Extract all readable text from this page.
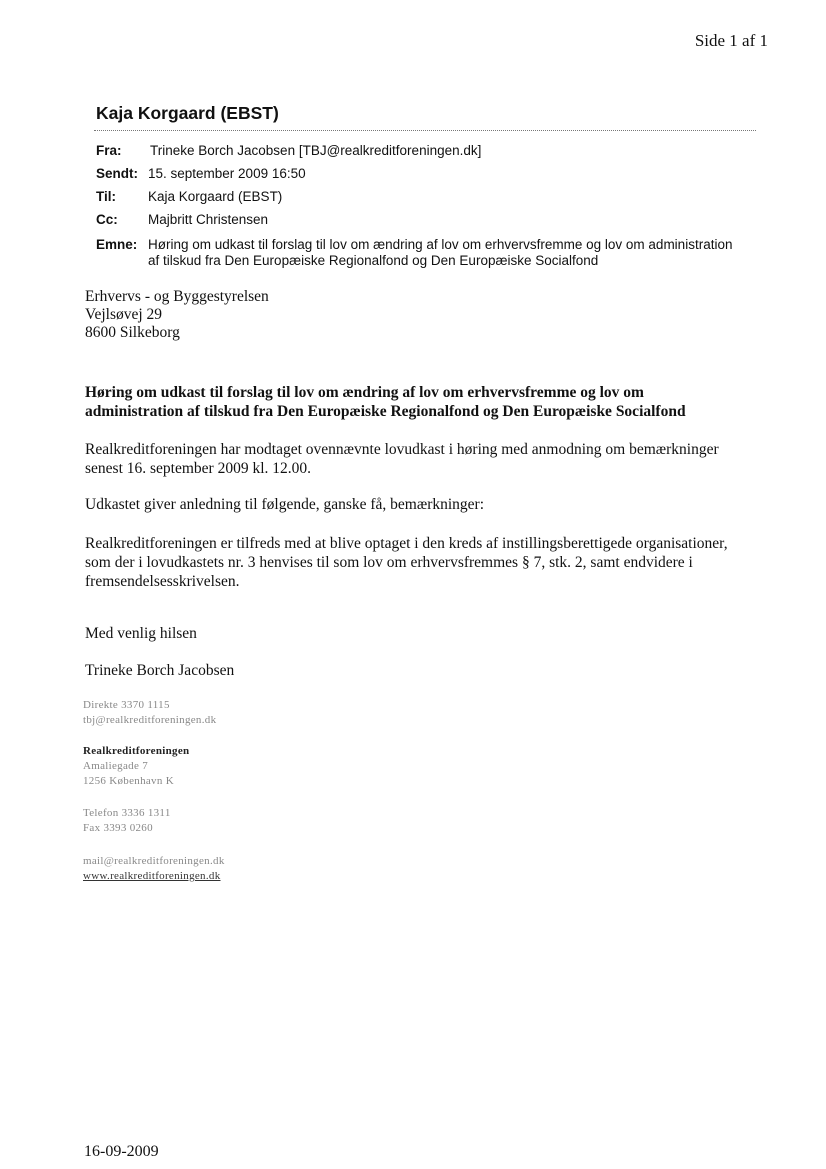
Side 1 af 1
Kaja Korgaard (EBST)
Fra:	Trineke Borch Jacobsen [TBJ@realkreditforeningen.dk]
Sendt: 15. september 2009 16:50
Til:	Kaja Korgaard (EBST)
Cc:	Majbritt Christensen
Emne: Høring om udkast til forslag til lov om ændring af lov om erhvervsfremme og lov om administration
af tilskud fra Den Europæiske Regionalfond og Den Europæiske Socialfond
Erhvervs - og Byggestyrelsen
Vejlsøvej 29
8600 Silkeborg
Høring om udkast til forslag til lov om ændring af lov om erhvervsfremme og lov om
administration af tilskud fra Den Europæiske Regionalfond og Den Europæiske Socialfond
Realkreditforeningen har modtaget ovennævnte lovudkast i høring med anmodning om bemærkninger
senest 16. september 2009 kl. 12.00.
Udkastet giver anledning til følgende, ganske få, bemærkninger:
Realkreditforeningen er tilfreds med at blive optaget i den kreds af instillingsberettigede organisationer,
som der i lovudkastets nr. 3 henvises til som lov om erhvervsfremmes § 7, stk. 2, samt endvidere i
fremsendelsesskrivelsen.
Med venlig hilsen
Trineke Borch Jacobsen
Direkte 3370 1115
tbj@realkreditforeningen.dk
Realkreditforeningen
Amaliegade 7
1256 København K
Telefon 3336 1311
Fax 3393 0260
mail@realkreditforeningen.dk
www.realkreditforeningen.dk
16-09-2009
